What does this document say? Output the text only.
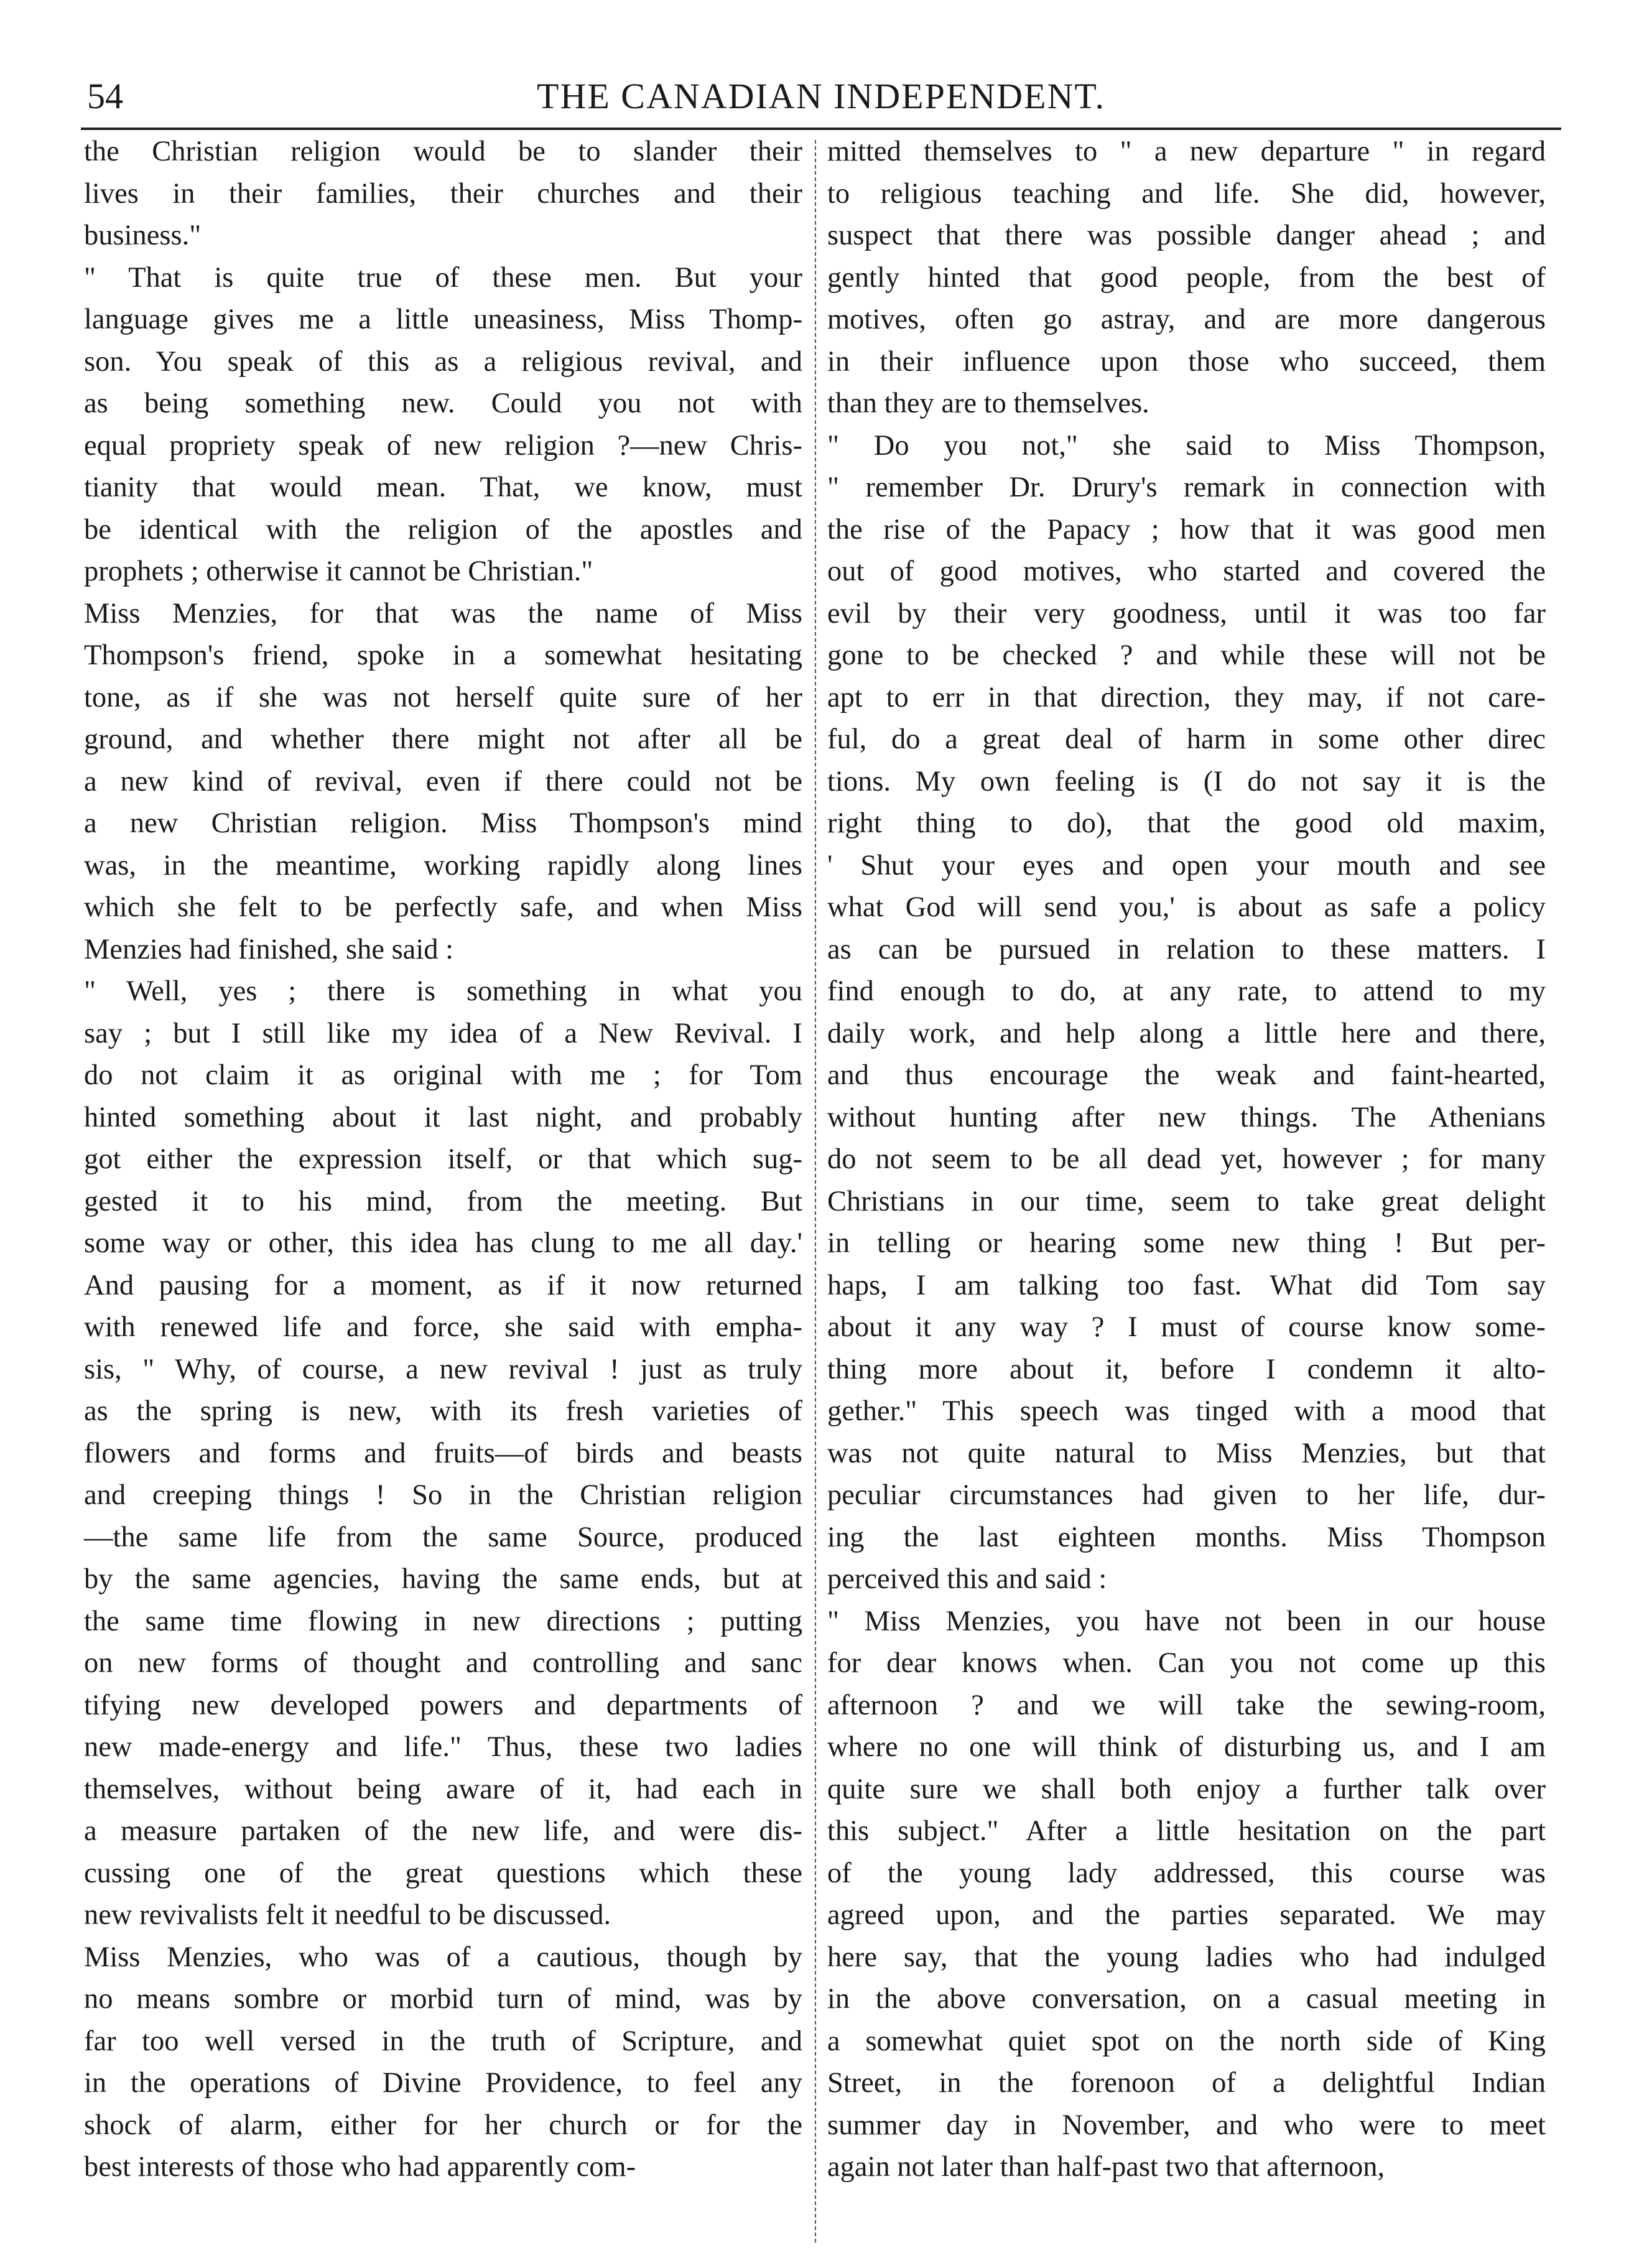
54	THE CANADIAN INDEPENDENT.

the Christian religion would be to slander their
lives in their families, their churches and their
business."

" That is quite true of these men. But your
language gives me a little uneasiness, Miss Thomp-
son. You speak of this as a religious revival, and
as being something new. Could you not with
equal propriety speak of new religion ?—new Chris-
tianity that would mean. That, we know, must
be identical with the religion of the apostles and
prophets ; otherwise it cannot be Christian."

Miss Menzies, for that was the name of Miss
Thompson's friend, spoke in a somewhat hesitating
tone, as if she was not herself quite sure of her
ground, and whether there might not after all be
a new kind of revival, even if there could not be
a new Christian religion. Miss Thompson's mind
was, in the meantime, working rapidly along lines
which she felt to be perfectly safe, and when Miss
Menzies had finished, she said :

" Well, yes ; there is something in what you
say ; but I still like my idea of a New Revival. I
do not claim it as original with me ; for Tom
hinted something about it last night, and probably
got either the expression itself, or that which sug-
gested it to his mind, from the meeting. But
some way or other, this idea has clung to me all day.'
And pausing for a moment, as if it now returned
with renewed life and force, she said with empha-
sis, " Why, of course, a new revival ! just as truly
as the spring is new, with its fresh varieties of
flowers and forms and fruits—of birds and beasts
and creeping things ! So in the Christian religion
—the same life from the same Source, produced
by the same agencies, having the same ends, but at
the same time flowing in new directions ; putting
on new forms of thought and controlling and sanc
tifying new developed powers and departments of
new made-energy and life." Thus, these two ladies
themselves, without being aware of it, had each in
a measure partaken of the new life, and were dis-
cussing one of the great questions which these
new revivalists felt it needful to be discussed.

Miss Menzies, who was of a cautious, though by
no means sombre or morbid turn of mind, was by
far too well versed in the truth of Scripture, and
in the operations of Divine Providence, to feel any
shock of alarm, either for her church or for the
best interests of those who had apparently com-

mitted themselves to " a new departure " in regard
to religious teaching and life. She did, however,
suspect that there was possible danger ahead ; and
gently hinted that good people, from the best of
motives, often go astray, and are more dangerous
in their influence upon those who succeed, them
than they are to themselves.

" Do you not," she said to Miss Thompson,
" remember Dr. Drury's remark in connection with
the rise of the Papacy ; how that it was good men
out of good motives, who started and covered the
evil by their very goodness, until it was too far
gone to be checked ? and while these will not be
apt to err in that direction, they may, if not care-
ful, do a great deal of harm in some other direc
tions. My own feeling is (I do not say it is the
right thing to do), that the good old maxim,
' Shut your eyes and open your mouth and see
what God will send you,' is about as safe a policy
as can be pursued in relation to these matters. I
find enough to do, at any rate, to attend to my
daily work, and help along a little here and there,
and thus encourage the weak and faint-hearted,
without hunting after new things. The Athenians
do not seem to be all dead yet, however ; for many
Christians in our time, seem to take great delight
in telling or hearing some new thing ! But per-
haps, I am talking too fast. What did Tom say
about it any way ? I must of course know some-
thing more about it, before I condemn it alto-
gether." This speech was tinged with a mood that
was not quite natural to Miss Menzies, but that
peculiar circumstances had given to her life, dur-
ing the last eighteen months. Miss Thompson
perceived this and said :

" Miss Menzies, you have not been in our house
for dear knows when. Can you not come up this
afternoon ? and we will take the sewing-room,
where no one will think of disturbing us, and I am
quite sure we shall both enjoy a further talk over
this subject." After a little hesitation on the part
of the young lady addressed, this course was
agreed upon, and the parties separated. We may
here say, that the young ladies who had indulged
in the above conversation, on a casual meeting in
a somewhat quiet spot on the north side of King
Street, in the forenoon of a delightful Indian
summer day in November, and who were to meet
again not later than half-past two that afternoon,
